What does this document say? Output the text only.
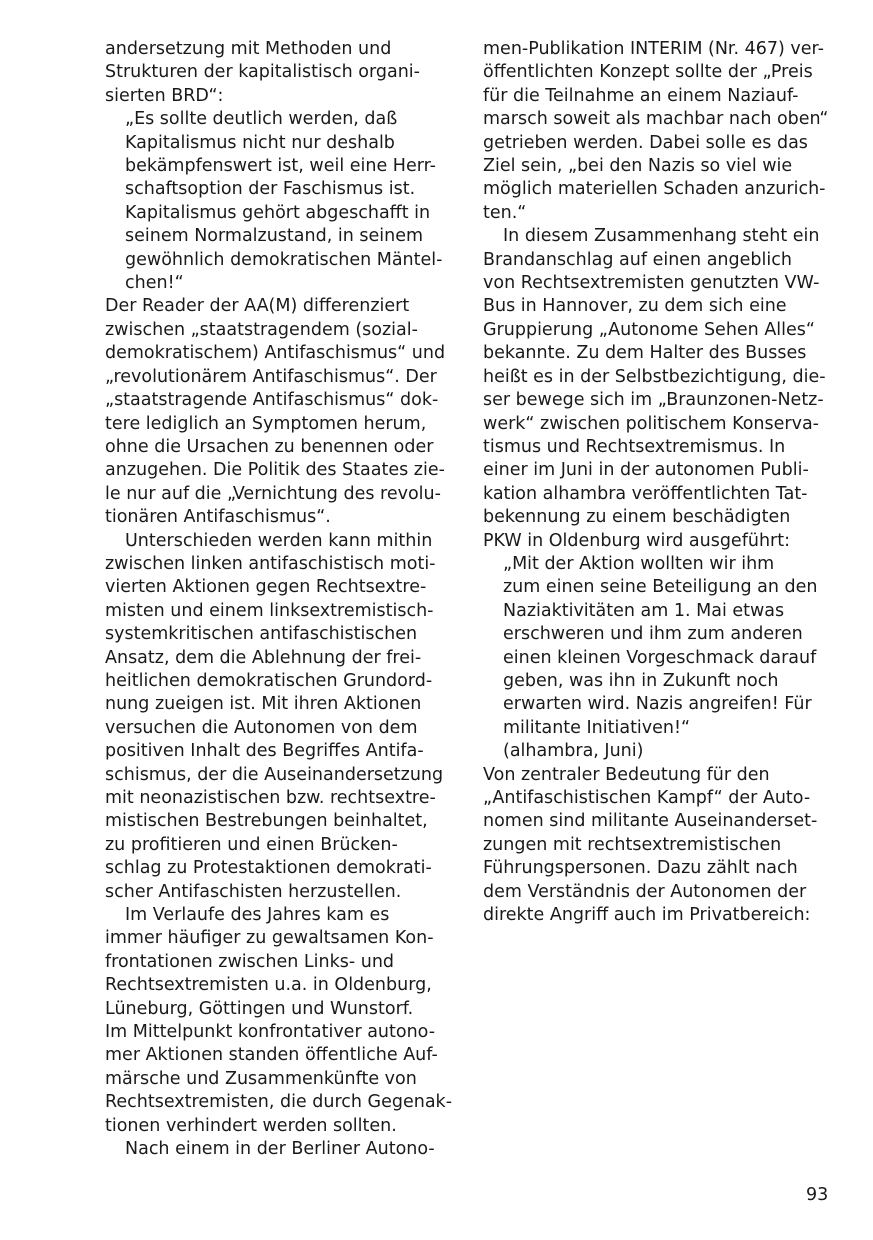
andersetzung mit Methoden und
Strukturen der kapitalistisch organi-
sierten BRD“:
„Es sollte deutlich werden, daß
Kapitalismus nicht nur deshalb
bekämpfenswert ist, weil eine Herr-
schaftsoption der Faschismus ist.
Kapitalismus gehört abgeschafft in
seinem Normalzustand, in seinem
gewöhnlich demokratischen Mäntel-
chen!“
Der Reader der AA(M) differenziert
zwischen „staatstragendem (sozial-
demokratischem) Antifaschismus“ und
„revolutionärem Antifaschismus“. Der
„staatstragende Antifaschismus“ dok-
tere lediglich an Symptomen herum,
ohne die Ursachen zu benennen oder
anzugehen. Die Politik des Staates zie-
le nur auf die „Vernichtung des revolu-
tionären Antifaschismus“.
Unterschieden werden kann mithin
zwischen linken antifaschistisch moti-
vierten Aktionen gegen Rechtsextre-
misten und einem linksextremistisch-
systemkritischen antifaschistischen
Ansatz, dem die Ablehnung der frei-
heitlichen demokratischen Grundord-
nung zueigen ist. Mit ihren Aktionen
versuchen die Autonomen von dem
positiven Inhalt des Begriffes Antifa-
schismus, der die Auseinandersetzung
mit neonazistischen bzw. rechtsextre-
mistischen Bestrebungen beinhaltet,
zu profitieren und einen Brücken-
schlag zu Protestaktionen demokrati-
scher Antifaschisten herzustellen.
Im Verlaufe des Jahres kam es
immer häufiger zu gewaltsamen Kon-
frontationen zwischen Links- und
Rechtsextremisten u.a. in Oldenburg,
Lüneburg, Göttingen und Wunstorf.
Im Mittelpunkt konfrontativer autono-
mer Aktionen standen öffentliche Auf-
märsche und Zusammenkünfte von
Rechtsextremisten, die durch Gegenak-
tionen verhindert werden sollten.
Nach einem in der Berliner Autono-
men-Publikation INTERIM (Nr. 467) ver-
öffentlichten Konzept sollte der „Preis
für die Teilnahme an einem Naziauf-
marsch soweit als machbar nach oben“
getrieben werden. Dabei solle es das
Ziel sein, „bei den Nazis so viel wie
möglich materiellen Schaden anzurich-
ten.“
In diesem Zusammenhang steht ein
Brandanschlag auf einen angeblich
von Rechtsextremisten genutzten VW-
Bus in Hannover, zu dem sich eine
Gruppierung „Autonome Sehen Alles“
bekannte. Zu dem Halter des Busses
heißt es in der Selbstbezichtigung, die-
ser bewege sich im „Braunzonen-Netz-
werk“ zwischen politischem Konserva-
tismus und Rechtsextremismus. In
einer im Juni in der autonomen Publi-
kation alhambra veröffentlichten Tat-
bekennung zu einem beschädigten
PKW in Oldenburg wird ausgeführt:
„Mit der Aktion wollten wir ihm
zum einen seine Beteiligung an den
Naziaktivitäten am 1. Mai etwas
erschweren und ihm zum anderen
einen kleinen Vorgeschmack darauf
geben, was ihn in Zukunft noch
erwarten wird. Nazis angreifen! Für
militante Initiativen!“
(alhambra, Juni)
Von zentraler Bedeutung für den
„Antifaschistischen Kampf“ der Auto-
nomen sind militante Auseinanderset-
zungen mit rechtsextremistischen
Führungspersonen. Dazu zählt nach
dem Verständnis der Autonomen der
direkte Angriff auch im Privatbereich:
93
